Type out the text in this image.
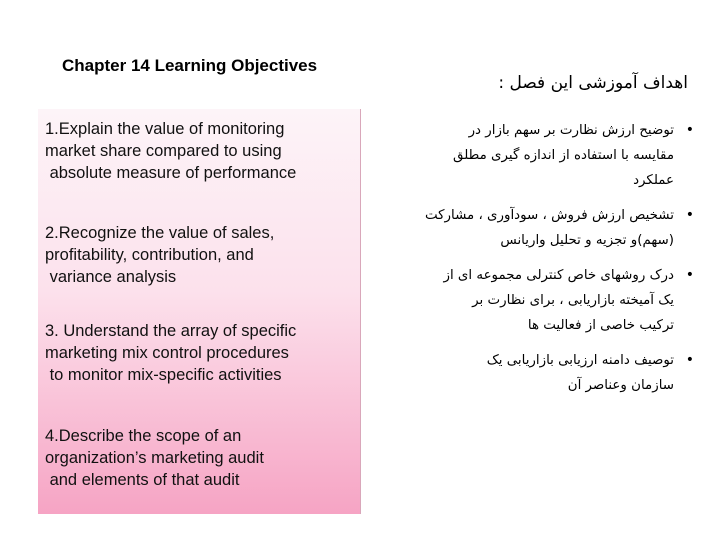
Chapter 14 Learning Objectives
اهداف آموزشی این فصل :
1.Explain the value of monitoring
market share compared to using
absolute measure of performance
2.Recognize the value of sales,
profitability, contribution, and
variance analysis
3. Understand the array of specific
marketing mix control procedures
to monitor mix-specific activities
4.Describe the scope of an
organization’s marketing audit
and elements of that audit
•
توضیح ارزش نظارت بر سهم بازار در
مقایسه با استفاده از اندازه گیری مطلق
عملکرد
•
تشخیص ارزش فروش ، سودآوری ، مشارکت
(سهم)و تجزیه و تحلیل واریانس
•
درک روشهای خاص کنترلی مجموعه ای از
یک آمیخته بازاریابی ، برای نظارت بر
ترکیب خاصی از فعالیت ها
•
توصیف دامنه ارزیابی بازاریابی یک
سازمان وعناصر آن
